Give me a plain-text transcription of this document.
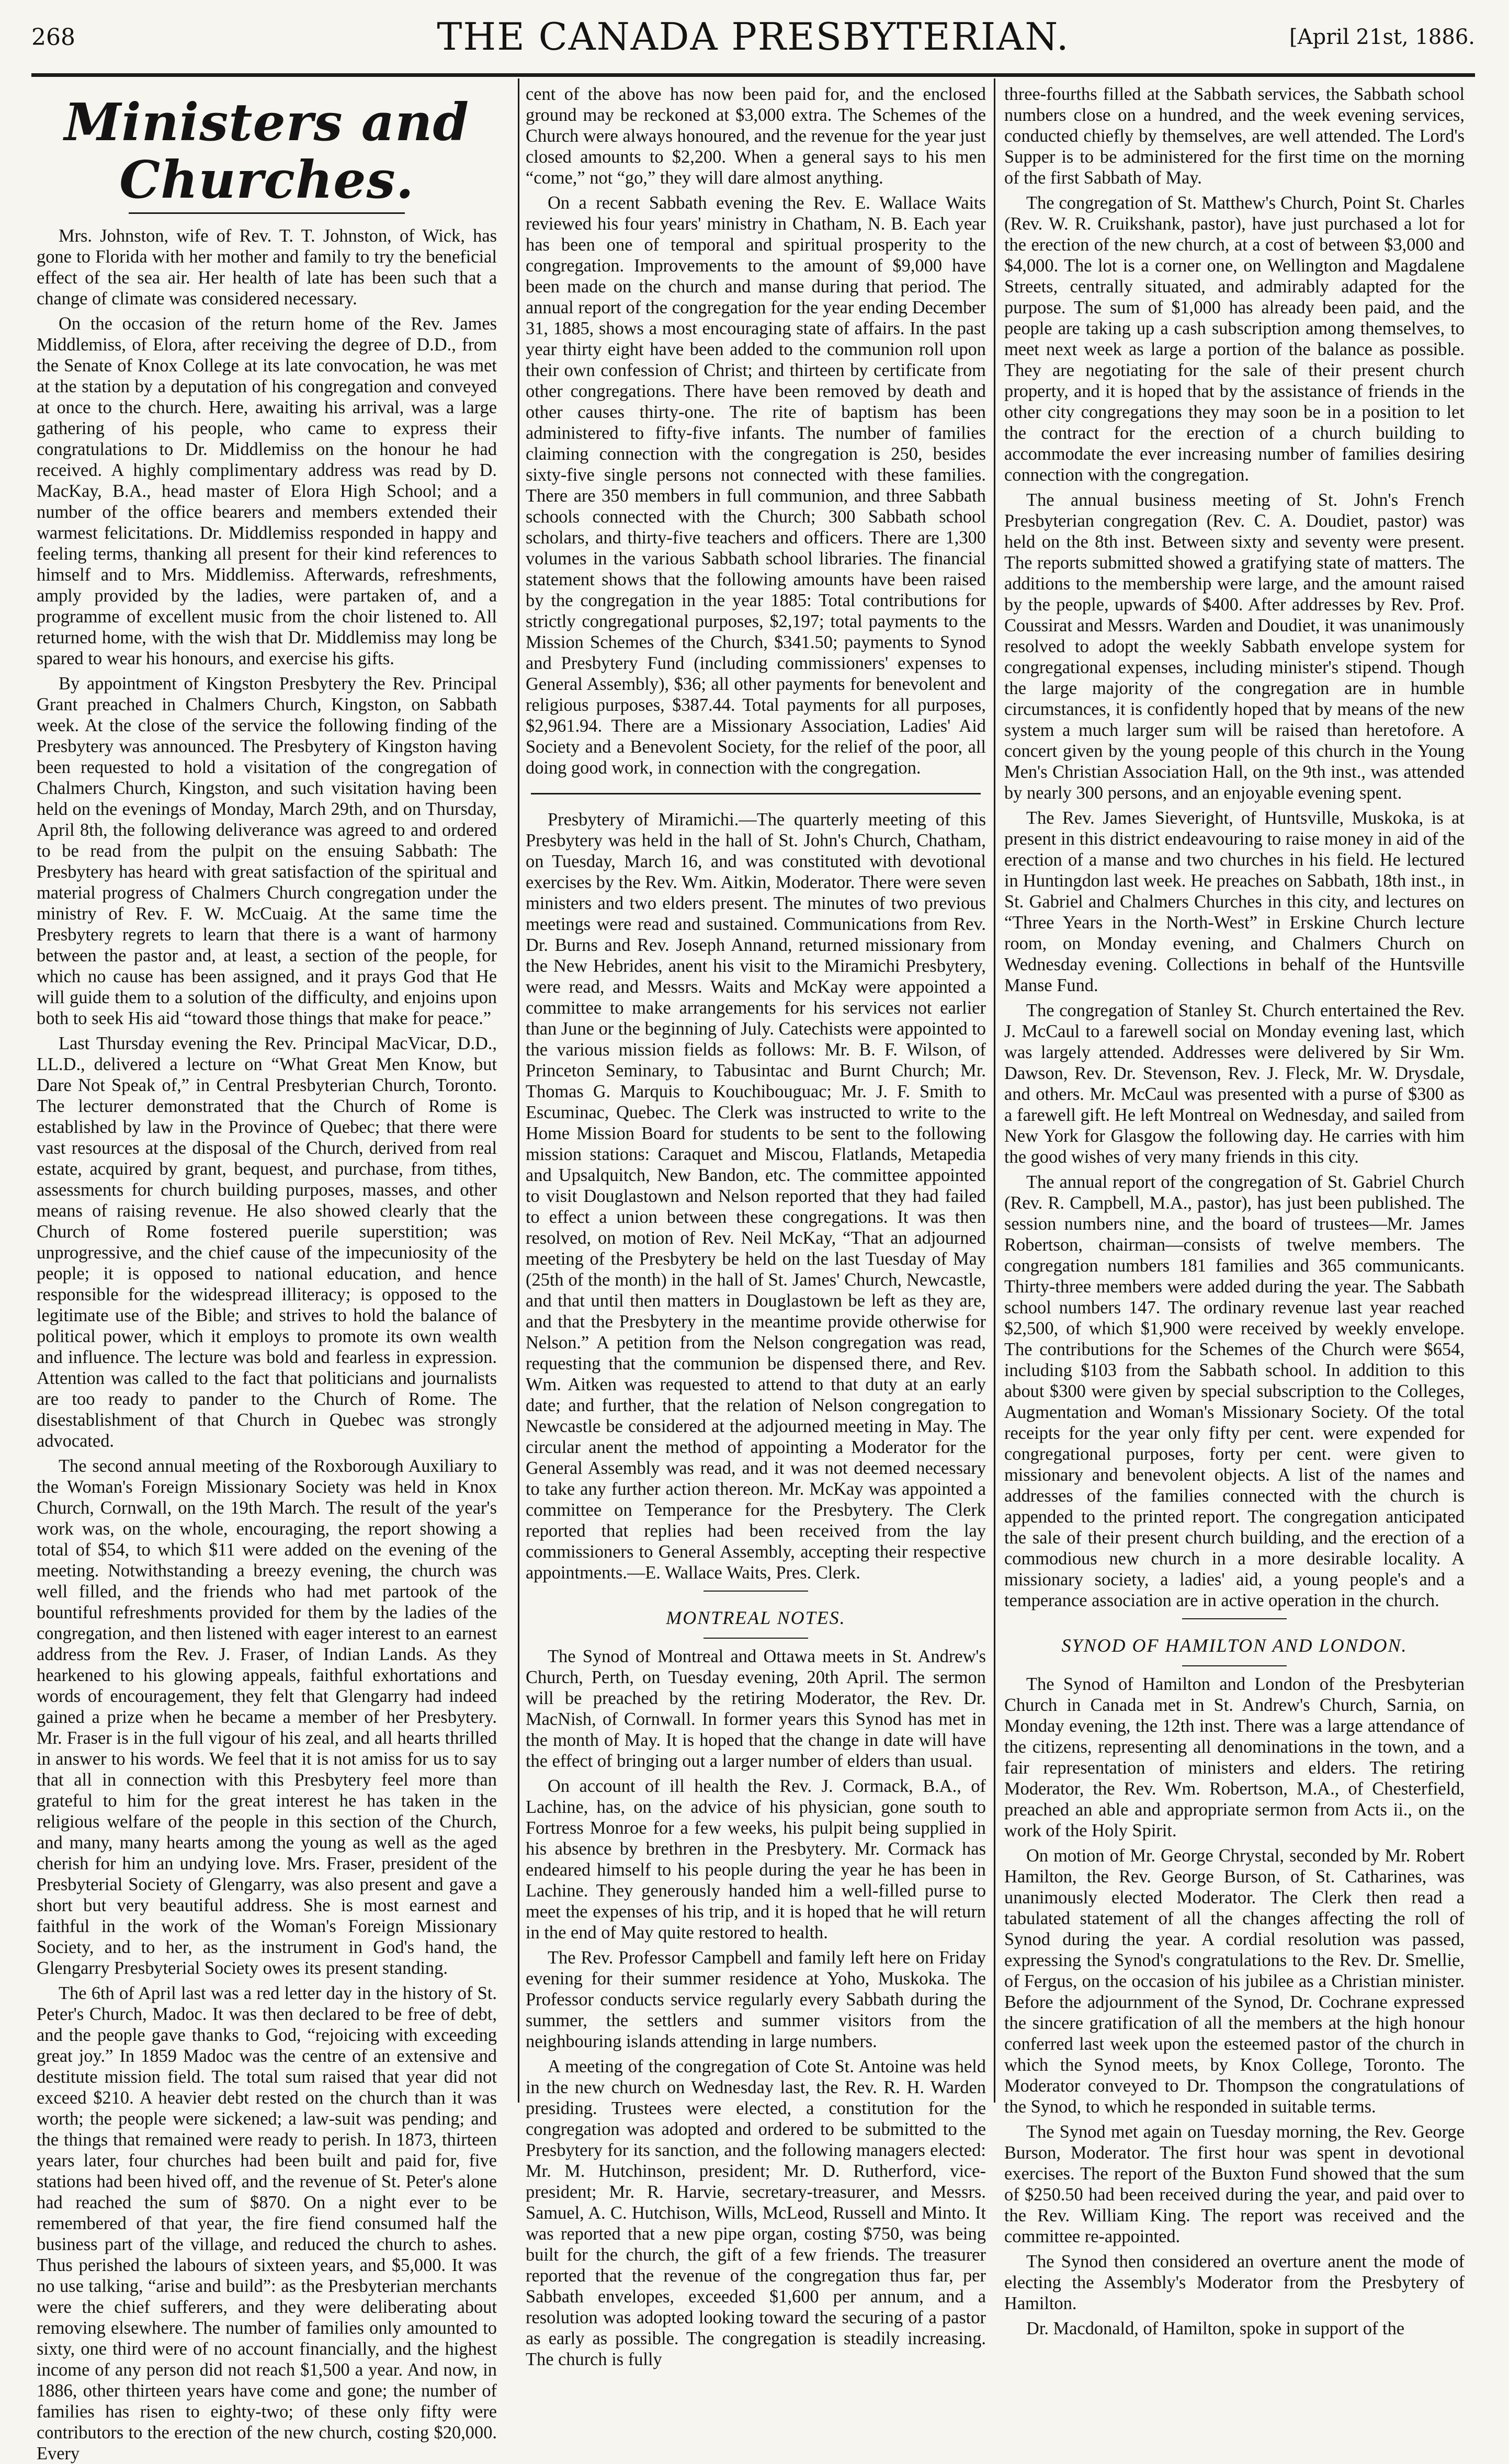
268	THE CANADA PRESBYTERIAN.	[April 21st, 1886.
Ministers and Churches.

Mrs. Johnston, wife of Rev. T. T. Johnston, of Wick, has gone to Florida with her mother and family to try the beneficial effect of the sea air. Her health of late has been such that a change of climate was considered necessary.

On the occasion of the return home of the Rev. James Middlemiss, of Elora, after receiving the degree of D.D., from the Senate of Knox College at its late convocation, he was met at the station by a deputation of his congregation and conveyed at once to the church. Here, awaiting his arrival, was a large gathering of his people, who came to express their congratulations to Dr. Middlemiss on the honour he had received. A highly complimentary address was read by D. MacKay, B.A., head master of Elora High School; and a number of the office bearers and members extended their warmest felicitations. Dr. Middlemiss responded in happy and feeling terms, thanking all present for their kind references to himself and to Mrs. Middlemiss. Afterwards, refreshments, amply provided by the ladies, were partaken of, and a programme of excellent music from the choir listened to. All returned home, with the wish that Dr. Middlemiss may long be spared to wear his honours, and exercise his gifts.

By appointment of Kingston Presbytery the Rev. Principal Grant preached in Chalmers Church, Kingston, on Sabbath week. At the close of the service the following finding of the Presbytery was announced. The Presbytery of Kingston having been requested to hold a visitation of the congregation of Chalmers Church, Kingston, and such visitation having been held on the evenings of Monday, March 29th, and on Thursday, April 8th, the following deliverance was agreed to and ordered to be read from the pulpit on the ensuing Sabbath: The Presbytery has heard with great satisfaction of the spiritual and material progress of Chalmers Church congregation under the ministry of Rev. F. W. McCuaig. At the same time the Presbytery regrets to learn that there is a want of harmony between the pastor and, at least, a section of the people, for which no cause has been assigned, and it prays God that He will guide them to a solution of the difficulty, and enjoins upon both to seek His aid “toward those things that make for peace.”

Last Thursday evening the Rev. Principal MacVicar, D.D., LL.D., delivered a lecture on “What Great Men Know, but Dare Not Speak of,” in Central Presbyterian Church, Toronto. The lecturer demonstrated that the Church of Rome is established by law in the Province of Quebec; that there were vast resources at the disposal of the Church, derived from real estate, acquired by grant, bequest, and purchase, from tithes, assessments for church building purposes, masses, and other means of raising revenue. He also showed clearly that the Church of Rome fostered puerile superstition; was unprogressive, and the chief cause of the impecuniosity of the people; it is opposed to national education, and hence responsible for the widespread illiteracy; is opposed to the legitimate use of the Bible; and strives to hold the balance of political power, which it employs to promote its own wealth and influence. The lecture was bold and fearless in expression. Attention was called to the fact that politicians and journalists are too ready to pander to the Church of Rome. The disestablishment of that Church in Quebec was strongly advocated.

The second annual meeting of the Roxborough Auxiliary to the Woman's Foreign Missionary Society was held in Knox Church, Cornwall, on the 19th March. The result of the year's work was, on the whole, encouraging, the report showing a total of $54, to which $11 were added on the evening of the meeting. Notwithstanding a breezy evening, the church was well filled, and the friends who had met partook of the bountiful refreshments provided for them by the ladies of the congregation, and then listened with eager interest to an earnest address from the Rev. J. Fraser, of Indian Lands. As they hearkened to his glowing appeals, faithful exhortations and words of encouragement, they felt that Glengarry had indeed gained a prize when he became a member of her Presbytery. Mr. Fraser is in the full vigour of his zeal, and all hearts thrilled in answer to his words. We feel that it is not amiss for us to say that all in connection with this Presbytery feel more than grateful to him for the great interest he has taken in the religious welfare of the people in this section of the Church, and many, many hearts among the young as well as the aged cherish for him an undying love. Mrs. Fraser, president of the Presbyterial Society of Glengarry, was also present and gave a short but very beautiful address. She is most earnest and faithful in the work of the Woman's Foreign Missionary Society, and to her, as the instrument in God's hand, the Glengarry Presbyterial Society owes its present standing.

The 6th of April last was a red letter day in the history of St. Peter's Church, Madoc. It was then declared to be free of debt, and the people gave thanks to God, “rejoicing with exceeding great joy.” In 1859 Madoc was the centre of an extensive and destitute mission field. The total sum raised that year did not exceed $210. A heavier debt rested on the church than it was worth; the people were sickened; a law-suit was pending; and the things that remained were ready to perish. In 1873, thirteen years later, four churches had been built and paid for, five stations had been hived off, and the revenue of St. Peter's alone had reached the sum of $870. On a night ever to be remembered of that year, the fire fiend consumed half the business part of the village, and reduced the church to ashes. Thus perished the labours of sixteen years, and $5,000. It was no use talking, “arise and build”: as the Presbyterian merchants were the chief sufferers, and they were deliberating about removing elsewhere. The number of families only amounted to sixty, one third were of no account financially, and the highest income of any person did not reach $1,500 a year. And now, in 1886, other thirteen years have come and gone; the number of families has risen to eighty-two; of these only fifty were contributors to the erection of the new church, costing $20,000. Every

cent of the above has now been paid for, and the enclosed ground may be reckoned at $3,000 extra. The Schemes of the Church were always honoured, and the revenue for the year just closed amounts to $2,200. When a general says to his men “come,” not “go,” they will dare almost anything.

On a recent Sabbath evening the Rev. E. Wallace Waits reviewed his four years' ministry in Chatham, N. B. Each year has been one of temporal and spiritual prosperity to the congregation. Improvements to the amount of $9,000 have been made on the church and manse during that period. The annual report of the congregation for the year ending December 31, 1885, shows a most encouraging state of affairs. In the past year thirty eight have been added to the communion roll upon their own confession of Christ; and thirteen by certificate from other congregations. There have been removed by death and other causes thirty-one. The rite of baptism has been administered to fifty-five infants. The number of families claiming connection with the congregation is 250, besides sixty-five single persons not connected with these families. There are 350 members in full communion, and three Sabbath schools connected with the Church; 300 Sabbath school scholars, and thirty-five teachers and officers. There are 1,300 volumes in the various Sabbath school libraries. The financial statement shows that the following amounts have been raised by the congregation in the year 1885: Total contributions for strictly congregational purposes, $2,197; total payments to the Mission Schemes of the Church, $341.50; payments to Synod and Presbytery Fund (including commissioners' expenses to General Assembly), $36; all other payments for benevolent and religious purposes, $387.44. Total payments for all purposes, $2,961.94. There are a Missionary Association, Ladies' Aid Society and a Benevolent Society, for the relief of the poor, all doing good work, in connection with the congregation.

Presbytery of Miramichi.—The quarterly meeting of this Presbytery was held in the hall of St. John's Church, Chatham, on Tuesday, March 16, and was constituted with devotional exercises by the Rev. Wm. Aitkin, Moderator. There were seven ministers and two elders present. The minutes of two previous meetings were read and sustained. Communications from Rev. Dr. Burns and Rev. Joseph Annand, returned missionary from the New Hebrides, anent his visit to the Miramichi Presbytery, were read, and Messrs. Waits and McKay were appointed a committee to make arrangements for his services not earlier than June or the beginning of July. Catechists were appointed to the various mission fields as follows: Mr. B. F. Wilson, of Princeton Seminary, to Tabusintac and Burnt Church; Mr. Thomas G. Marquis to Kouchibouguac; Mr. J. F. Smith to Escuminac, Quebec. The Clerk was instructed to write to the Home Mission Board for students to be sent to the following mission stations: Caraquet and Miscou, Flatlands, Metapedia and Upsalquitch, New Bandon, etc. The committee appointed to visit Douglastown and Nelson reported that they had failed to effect a union between these congregations. It was then resolved, on motion of Rev. Neil McKay, “That an adjourned meeting of the Presbytery be held on the last Tuesday of May (25th of the month) in the hall of St. James' Church, Newcastle, and that until then matters in Douglastown be left as they are, and that the Presbytery in the meantime provide otherwise for Nelson.” A petition from the Nelson congregation was read, requesting that the communion be dispensed there, and Rev. Wm. Aitken was requested to attend to that duty at an early date; and further, that the relation of Nelson congregation to Newcastle be considered at the adjourned meeting in May. The circular anent the method of appointing a Moderator for the General Assembly was read, and it was not deemed necessary to take any further action thereon. Mr. McKay was appointed a committee on Temperance for the Presbytery. The Clerk reported that replies had been received from the lay commissioners to General Assembly, accepting their respective appointments.—E. Wallace Waits, Pres. Clerk.

MONTREAL NOTES.

The Synod of Montreal and Ottawa meets in St. Andrew's Church, Perth, on Tuesday evening, 20th April. The sermon will be preached by the retiring Moderator, the Rev. Dr. MacNish, of Cornwall. In former years this Synod has met in the month of May. It is hoped that the change in date will have the effect of bringing out a larger number of elders than usual.

On account of ill health the Rev. J. Cormack, B.A., of Lachine, has, on the advice of his physician, gone south to Fortress Monroe for a few weeks, his pulpit being supplied in his absence by brethren in the Presbytery. Mr. Cormack has endeared himself to his people during the year he has been in Lachine. They generously handed him a well-filled purse to meet the expenses of his trip, and it is hoped that he will return in the end of May quite restored to health.

The Rev. Professor Campbell and family left here on Friday evening for their summer residence at Yoho, Muskoka. The Professor conducts service regularly every Sabbath during the summer, the settlers and summer visitors from the neighbouring islands attending in large numbers.

A meeting of the congregation of Cote St. Antoine was held in the new church on Wednesday last, the Rev. R. H. Warden presiding. Trustees were elected, a constitution for the congregation was adopted and ordered to be submitted to the Presbytery for its sanction, and the following managers elected: Mr. M. Hutchinson, president; Mr. D. Rutherford, vice-president; Mr. R. Harvie, secretary-treasurer, and Messrs. Samuel, A. C. Hutchison, Wills, McLeod, Russell and Minto. It was reported that a new pipe organ, costing $750, was being built for the church, the gift of a few friends. The treasurer reported that the revenue of the congregation thus far, per Sabbath envelopes, exceeded $1,600 per annum, and a resolution was adopted looking toward the securing of a pastor as early as possible. The congregation is steadily increasing. The church is fully

three-fourths filled at the Sabbath services, the Sabbath school numbers close on a hundred, and the week evening services, conducted chiefly by themselves, are well attended. The Lord's Supper is to be administered for the first time on the morning of the first Sabbath of May.

The congregation of St. Matthew's Church, Point St. Charles (Rev. W. R. Cruikshank, pastor), have just purchased a lot for the erection of the new church, at a cost of between $3,000 and $4,000. The lot is a corner one, on Wellington and Magdalene Streets, centrally situated, and admirably adapted for the purpose. The sum of $1,000 has already been paid, and the people are taking up a cash subscription among themselves, to meet next week as large a portion of the balance as possible. They are negotiating for the sale of their present church property, and it is hoped that by the assistance of friends in the other city congregations they may soon be in a position to let the contract for the erection of a church building to accommodate the ever increasing number of families desiring connection with the congregation.

The annual business meeting of St. John's French Presbyterian congregation (Rev. C. A. Doudiet, pastor) was held on the 8th inst. Between sixty and seventy were present. The reports submitted showed a gratifying state of matters. The additions to the membership were large, and the amount raised by the people, upwards of $400. After addresses by Rev. Prof. Coussirat and Messrs. Warden and Doudiet, it was unanimously resolved to adopt the weekly Sabbath envelope system for congregational expenses, including minister's stipend. Though the large majority of the congregation are in humble circumstances, it is confidently hoped that by means of the new system a much larger sum will be raised than heretofore. A concert given by the young people of this church in the Young Men's Christian Association Hall, on the 9th inst., was attended by nearly 300 persons, and an enjoyable evening spent.

The Rev. James Sieveright, of Huntsville, Muskoka, is at present in this district endeavouring to raise money in aid of the erection of a manse and two churches in his field. He lectured in Huntingdon last week. He preaches on Sabbath, 18th inst., in St. Gabriel and Chalmers Churches in this city, and lectures on “Three Years in the North-West” in Erskine Church lecture room, on Monday evening, and Chalmers Church on Wednesday evening. Collections in behalf of the Huntsville Manse Fund.

The congregation of Stanley St. Church entertained the Rev. J. McCaul to a farewell social on Monday evening last, which was largely attended. Addresses were delivered by Sir Wm. Dawson, Rev. Dr. Stevenson, Rev. J. Fleck, Mr. W. Drysdale, and others. Mr. McCaul was presented with a purse of $300 as a farewell gift. He left Montreal on Wednesday, and sailed from New York for Glasgow the following day. He carries with him the good wishes of very many friends in this city.

The annual report of the congregation of St. Gabriel Church (Rev. R. Campbell, M.A., pastor), has just been published. The session numbers nine, and the board of trustees—Mr. James Robertson, chairman—consists of twelve members. The congregation numbers 181 families and 365 communicants. Thirty-three members were added during the year. The Sabbath school numbers 147. The ordinary revenue last year reached $2,500, of which $1,900 were received by weekly envelope. The contributions for the Schemes of the Church were $654, including $103 from the Sabbath school. In addition to this about $300 were given by special subscription to the Colleges, Augmentation and Woman's Missionary Society. Of the total receipts for the year only fifty per cent. were expended for congregational purposes, forty per cent. were given to missionary and benevolent objects. A list of the names and addresses of the families connected with the church is appended to the printed report. The congregation anticipated the sale of their present church building, and the erection of a commodious new church in a more desirable locality. A missionary society, a ladies' aid, a young people's and a temperance association are in active operation in the church.

SYNOD OF HAMILTON AND LONDON.

The Synod of Hamilton and London of the Presbyterian Church in Canada met in St. Andrew's Church, Sarnia, on Monday evening, the 12th inst. There was a large attendance of the citizens, representing all denominations in the town, and a fair representation of ministers and elders. The retiring Moderator, the Rev. Wm. Robertson, M.A., of Chesterfield, preached an able and appropriate sermon from Acts ii., on the work of the Holy Spirit.

On motion of Mr. George Chrystal, seconded by Mr. Robert Hamilton, the Rev. George Burson, of St. Catharines, was unanimously elected Moderator. The Clerk then read a tabulated statement of all the changes affecting the roll of Synod during the year. A cordial resolution was passed, expressing the Synod's congratulations to the Rev. Dr. Smellie, of Fergus, on the occasion of his jubilee as a Christian minister. Before the adjournment of the Synod, Dr. Cochrane expressed the sincere gratification of all the members at the high honour conferred last week upon the esteemed pastor of the church in which the Synod meets, by Knox College, Toronto. The Moderator conveyed to Dr. Thompson the congratulations of the Synod, to which he responded in suitable terms.

The Synod met again on Tuesday morning, the Rev. George Burson, Moderator. The first hour was spent in devotional exercises. The report of the Buxton Fund showed that the sum of $250.50 had been received during the year, and paid over to the Rev. William King. The report was received and the committee re-appointed.

The Synod then considered an overture anent the mode of electing the Assembly's Moderator from the Presbytery of Hamilton.

Dr. Macdonald, of Hamilton, spoke in support of the
